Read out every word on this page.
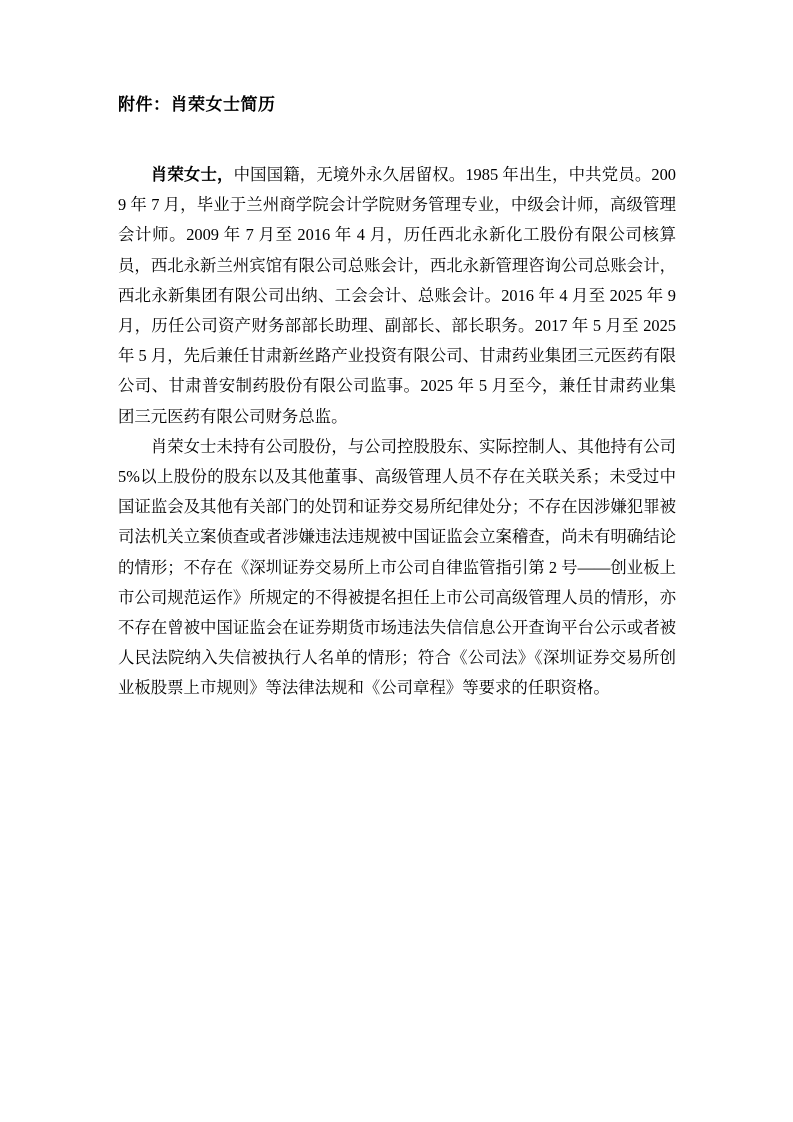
附件：肖荣女士简历

肖荣女士，中国国籍，无境外永久居留权。1985 年出生，中共党员。2009 年 7 月，毕业于兰州商学院会计学院财务管理专业，中级会计师，高级管理会计师。2009 年 7 月至 2016 年 4 月，历任西北永新化工股份有限公司核算员，西北永新兰州宾馆有限公司总账会计，西北永新管理咨询公司总账会计，西北永新集团有限公司出纳、工会会计、总账会计。2016 年 4 月至 2025 年 9 月，历任公司资产财务部部长助理、副部长、部长职务。2017 年 5 月至 2025 年 5 月，先后兼任甘肃新丝路产业投资有限公司、甘肃药业集团三元医药有限公司、甘肃普安制药股份有限公司监事。2025 年 5 月至今，兼任甘肃药业集团三元医药有限公司财务总监。

肖荣女士未持有公司股份，与公司控股股东、实际控制人、其他持有公司5%以上股份的股东以及其他董事、高级管理人员不存在关联关系；未受过中国证监会及其他有关部门的处罚和证券交易所纪律处分；不存在因涉嫌犯罪被司法机关立案侦查或者涉嫌违法违规被中国证监会立案稽查，尚未有明确结论的情形；不存在《深圳证券交易所上市公司自律监管指引第 2 号——创业板上市公司规范运作》所规定的不得被提名担任上市公司高级管理人员的情形，亦不存在曾被中国证监会在证券期货市场违法失信信息公开查询平台公示或者被人民法院纳入失信被执行人名单的情形；符合《公司法》《深圳证券交易所创业板股票上市规则》等法律法规和《公司章程》等要求的任职资格。
